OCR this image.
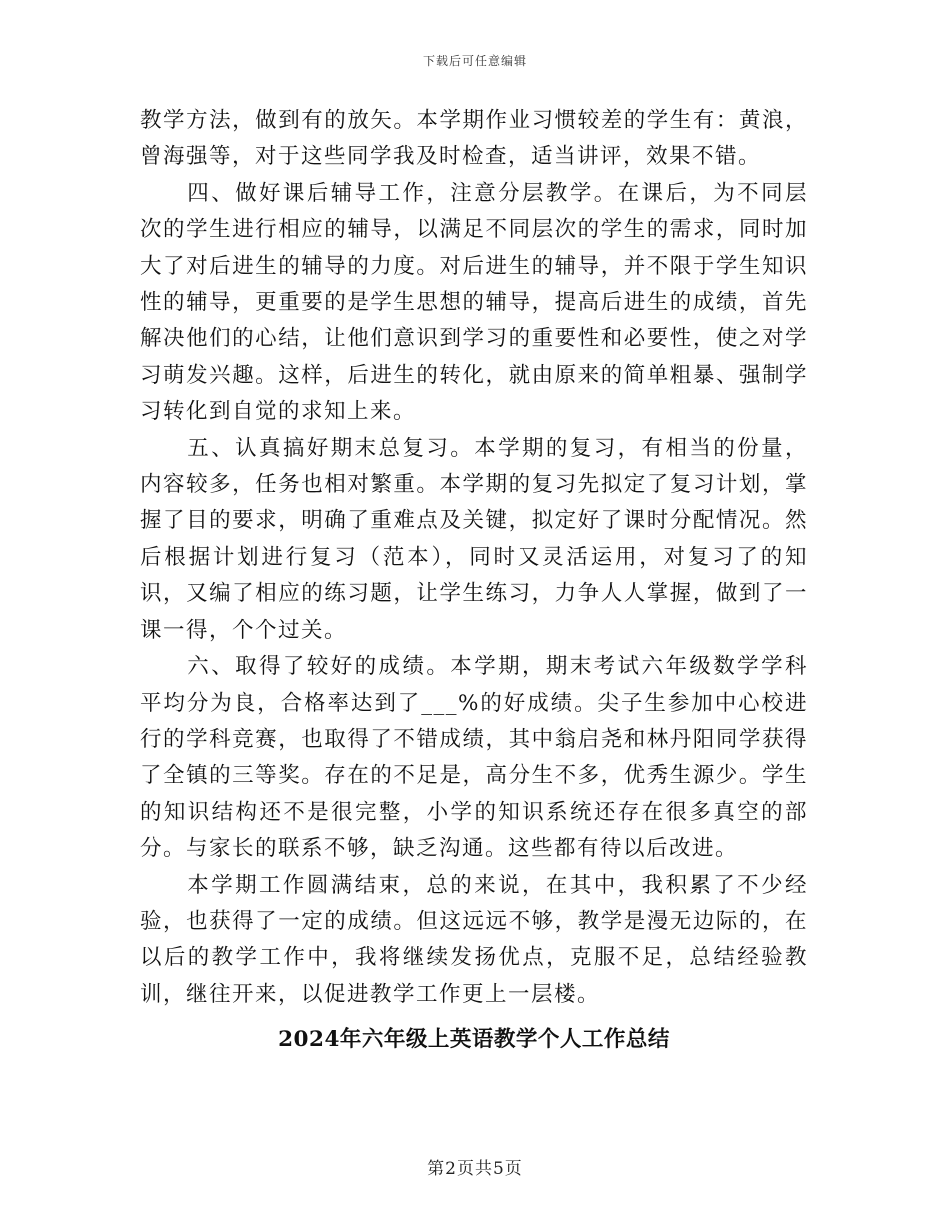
下载后可任意编辑

教学方法，做到有的放矢。本学期作业习惯较差的学生有：黄浪，曾海强等，对于这些同学我及时检查，适当讲评，效果不错。

四、做好课后辅导工作，注意分层教学。在课后，为不同层次的学生进行相应的辅导，以满足不同层次的学生的需求，同时加大了对后进生的辅导的力度。对后进生的辅导，并不限于学生知识性的辅导，更重要的是学生思想的辅导，提高后进生的成绩，首先解决他们的心结，让他们意识到学习的重要性和必要性，使之对学习萌发兴趣。这样，后进生的转化，就由原来的简单粗暴、强制学习转化到自觉的求知上来。

五、认真搞好期末总复习。本学期的复习，有相当的份量，内容较多，任务也相对繁重。本学期的复习先拟定了复习计划，掌握了目的要求，明确了重难点及关键，拟定好了课时分配情况。然后根据计划进行复习（范本），同时又灵活运用，对复习了的知识，又编了相应的练习题，让学生练习，力争人人掌握，做到了一课一得，个个过关。

六、取得了较好的成绩。本学期，期末考试六年级数学学科平均分为良，合格率达到了___%的好成绩。尖子生参加中心校进行的学科竞赛，也取得了不错成绩，其中翁启尧和林丹阳同学获得了全镇的三等奖。存在的不足是，高分生不多，优秀生源少。学生的知识结构还不是很完整，小学的知识系统还存在很多真空的部分。与家长的联系不够，缺乏沟通。这些都有待以后改进。

本学期工作圆满结束，总的来说，在其中，我积累了不少经验，也获得了一定的成绩。但这远远不够，教学是漫无边际的，在以后的教学工作中，我将继续发扬优点，克服不足，总结经验教训，继往开来，以促进教学工作更上一层楼。

2024年六年级上英语教学个人工作总结
第2页共5页
